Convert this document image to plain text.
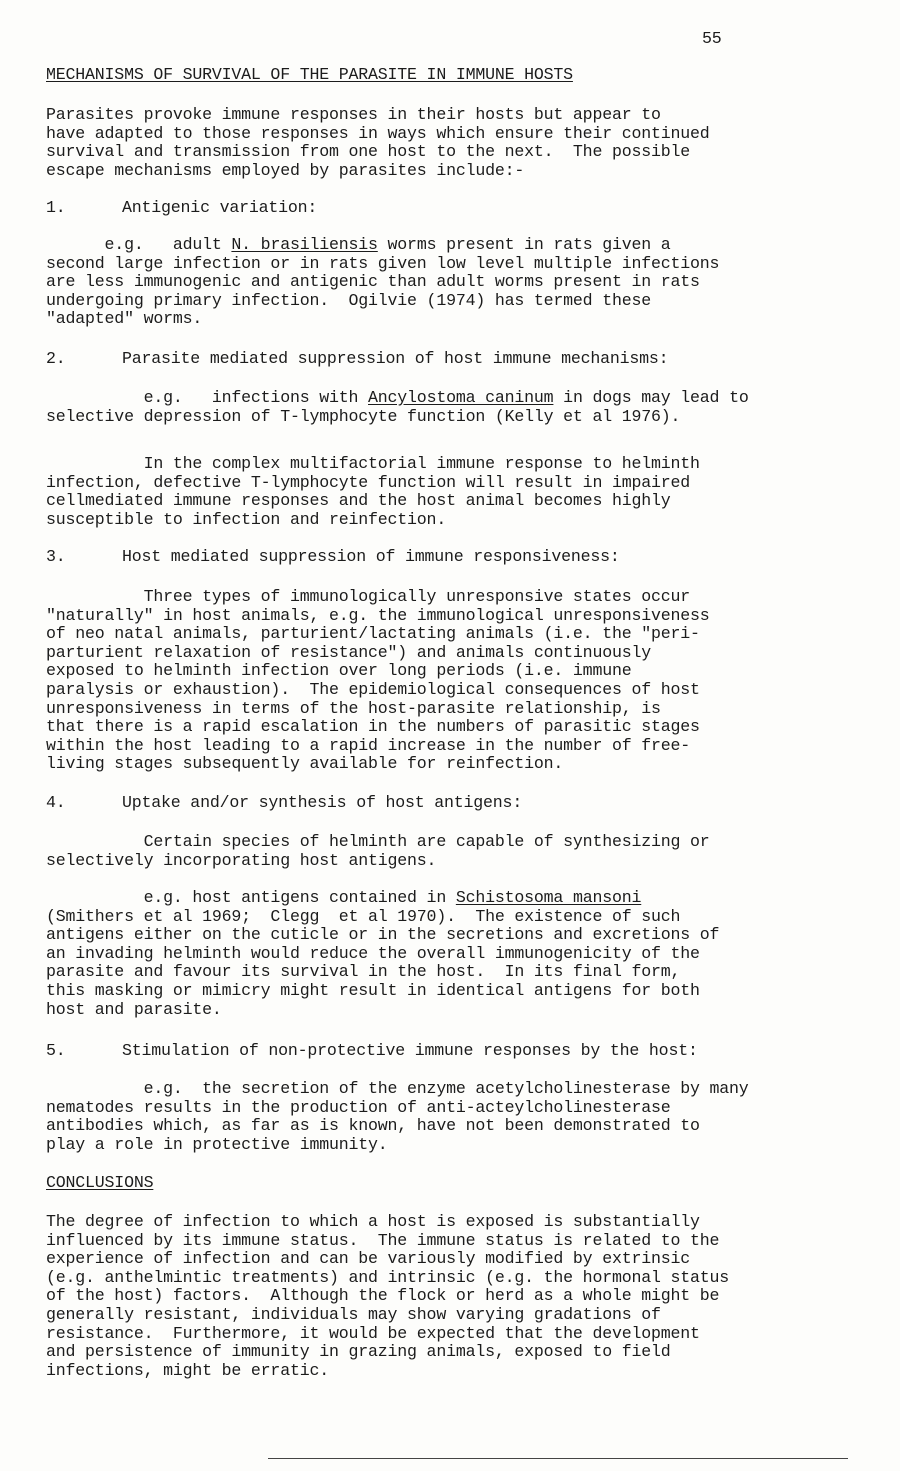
55
MECHANISMS OF SURVIVAL OF THE PARASITE IN IMMUNE HOSTS
Parasites provoke immune responses in their hosts but appear to
have adapted to those responses in ways which ensure their continued
survival and transmission from one host to the next.  The possible
escape mechanisms employed by parasites include:-
1.	Antigenic variation:
e.g.   adult N. brasiliensis worms present in rats given a
second large infection or in rats given low level multiple infections
are less immunogenic and antigenic than adult worms present in rats
undergoing primary infection.  Ogilvie (1974) has termed these
"adapted" worms.
2.	Parasite mediated suppression of host immune mechanisms:
e.g.   infections with Ancylostoma caninum in dogs may lead to
selective depression of T-lymphocyte function (Kelly et al 1976).
In the complex multifactorial immune response to helminth
infection, defective T-lymphocyte function will result in impaired
cellmediated immune responses and the host animal becomes highly
susceptible to infection and reinfection.
3.	Host mediated suppression of immune responsiveness:
Three types of immunologically unresponsive states occur
"naturally" in host animals, e.g. the immunological unresponsiveness
of neo natal animals, parturient/lactating animals (i.e. the "peri-
parturient relaxation of resistance") and animals continuously
exposed to helminth infection over long periods (i.e. immune
paralysis or exhaustion).  The epidemiological consequences of host
unresponsiveness in terms of the host-parasite relationship, is
that there is a rapid escalation in the numbers of parasitic stages
within the host leading to a rapid increase in the number of free-
living stages subsequently available for reinfection.
4.	Uptake and/or synthesis of host antigens:
Certain species of helminth are capable of synthesizing or
selectively incorporating host antigens.
e.g. host antigens contained in Schistosoma mansoni
(Smithers et al 1969;  Clegg  et al 1970).  The existence of such
antigens either on the cuticle or in the secretions and excretions of
an invading helminth would reduce the overall immunogenicity of the
parasite and favour its survival in the host.  In its final form,
this masking or mimicry might result in identical antigens for both
host and parasite.
5.	Stimulation of non-protective immune responses by the host:
e.g.  the secretion of the enzyme acetylcholinesterase by many
nematodes results in the production of anti-acteylcholinesterase
antibodies which, as far as is known, have not been demonstrated to
play a role in protective immunity.
CONCLUSIONS
The degree of infection to which a host is exposed is substantially
influenced by its immune status.  The immune status is related to the
experience of infection and can be variously modified by extrinsic
(e.g. anthelmintic treatments) and intrinsic (e.g. the hormonal status
of the host) factors.  Although the flock or herd as a whole might be
generally resistant, individuals may show varying gradations of
resistance.  Furthermore, it would be expected that the development
and persistence of immunity in grazing animals, exposed to field
infections, might be erratic.
